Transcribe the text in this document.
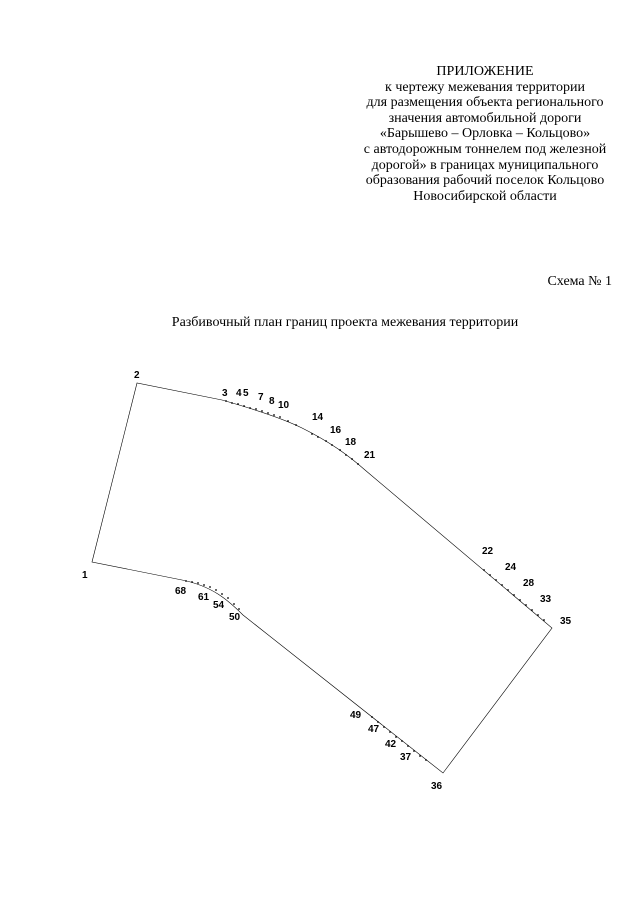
ПРИЛОЖЕНИЕ
к чертежу межевания территории
для размещения объекта регионального
значения автомобильной дороги
«Барышево – Орловка – Кольцово»
с автодорожным тоннелем под железной
дорогой» в границах муниципального
образования рабочий поселок Кольцово
Новосибирской области
Схема № 1
Разбивочный план границ проекта межевания территории
1
2
3 4 5 7 8 10
14
16
18
21
22
24
28
33
35
36
37
42
47
49
50
54
61
68
